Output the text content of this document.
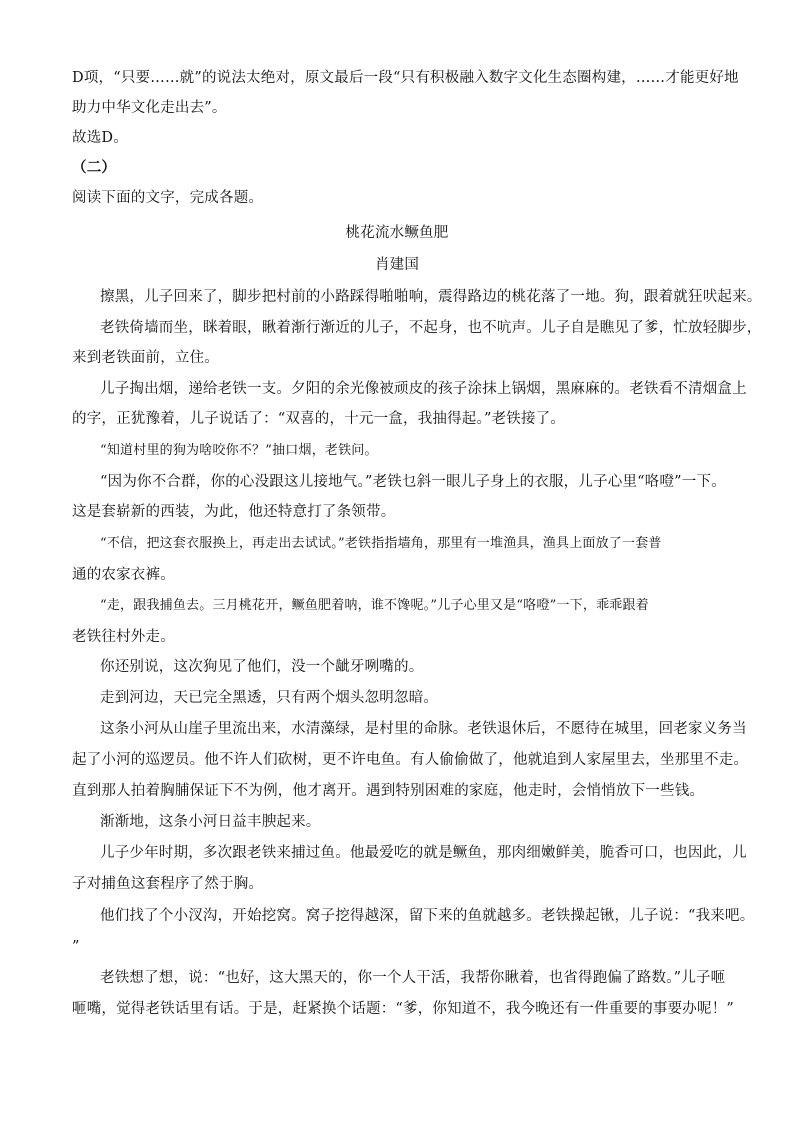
D项，“只要……就”的说法太绝对，原文最后一段“只有积极融入数字文化生态圈构建，……才能更好地
助力中华文化走出去”。
故选D。
（二）
阅读下面的文字，完成各题。
桃花流水鳜鱼肥
肖建国
擦黑，儿子回来了，脚步把村前的小路踩得啪啪响，震得路边的桃花落了一地。狗，跟着就狂吠起来。
老铁倚墙而坐，眯着眼，瞅着渐行渐近的儿子，不起身，也不吭声。儿子自是瞧见了爹，忙放轻脚步，
来到老铁面前，立住。
儿子掏出烟，递给老铁一支。夕阳的余光像被顽皮的孩子涂抹上锅烟，黑麻麻的。老铁看不清烟盒上
的字，正犹豫着，儿子说话了：“双喜的，十元一盒，我抽得起。”老铁接了。
“知道村里的狗为啥咬你不？”抽口烟，老铁问。
“因为你不合群，你的心没跟这儿接地气。”老铁乜斜一眼儿子身上的衣服，儿子心里“咯噔”一下。
这是套崭新的西装，为此，他还特意打了条领带。
“不信，把这套衣服换上，再走出去试试。”老铁指指墙角，那里有一堆渔具，渔具上面放了一套普
通的农家衣裤。
“走，跟我捕鱼去。三月桃花开，鳜鱼肥着呐，谁不馋呢。”儿子心里又是“咯噔”一下，乖乖跟着
老铁往村外走。
你还别说，这次狗见了他们，没一个龇牙咧嘴的。
走到河边，天已完全黑透，只有两个烟头忽明忽暗。
这条小河从山崖子里流出来，水清藻绿，是村里的命脉。老铁退休后，不愿待在城里，回老家义务当
起了小河的巡逻员。他不许人们砍树，更不许电鱼。有人偷偷做了，他就追到人家屋里去，坐那里不走。
直到那人拍着胸脯保证下不为例，他才离开。遇到特别困难的家庭，他走时，会悄悄放下一些钱。
渐渐地，这条小河日益丰腴起来。
儿子少年时期，多次跟老铁来捕过鱼。他最爱吃的就是鳜鱼，那肉细嫩鲜美，脆香可口，也因此，儿
子对捕鱼这套程序了然于胸。
他们找了个小汊沟，开始挖窝。窝子挖得越深，留下来的鱼就越多。老铁操起锹，儿子说：“我来吧。
”
老铁想了想，说：“也好，这大黑天的，你一个人干活，我帮你瞅着，也省得跑偏了路数。”儿子咂
咂嘴，觉得老铁话里有话。于是，赶紧换个话题：“爹，你知道不，我今晚还有一件重要的事要办呢！”
